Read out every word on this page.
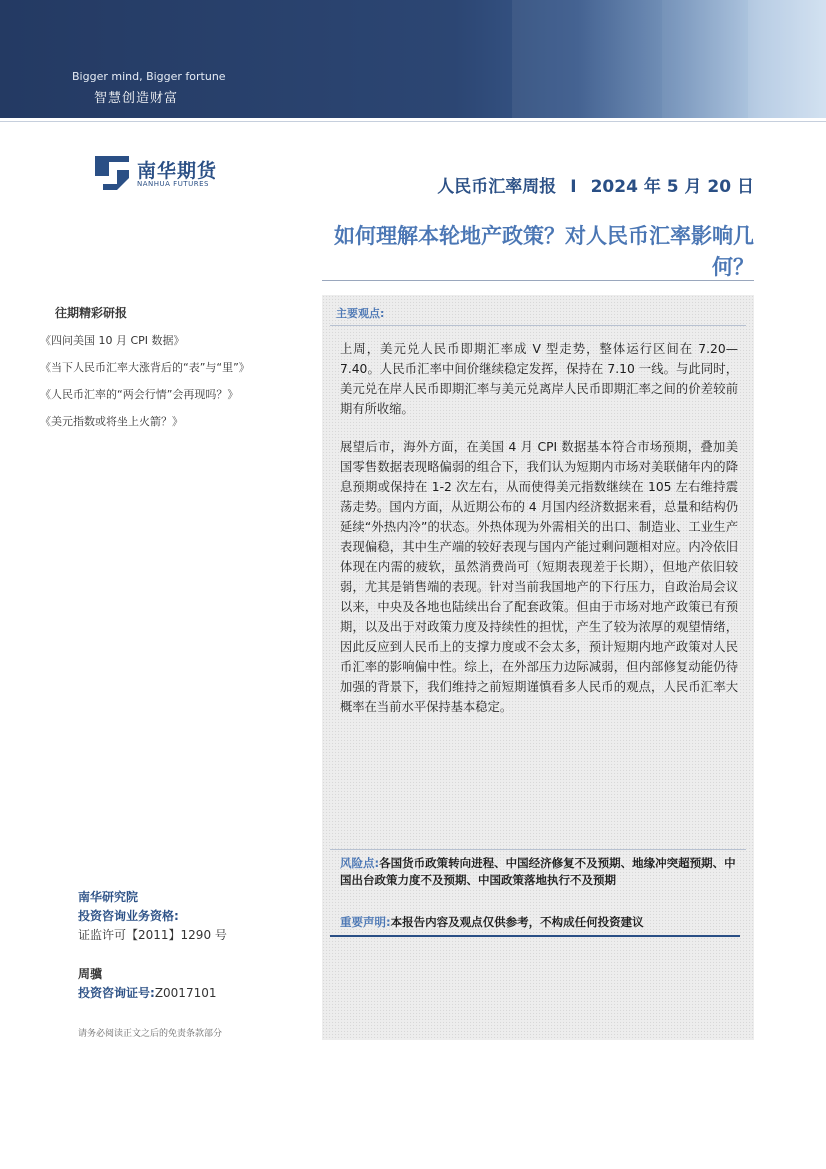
Bigger mind, Bigger fortune
智慧创造财富
南华期货
NANHUA FUTURES	人民币汇率周报 I 2024 年 5 月 20 日
如何理解本轮地产政策？对人民币汇率影响几何？
往期精彩研报
《四问美国 10 月 CPI 数据》
《当下人民币汇率大涨背后的“表”与“里”》
《人民币汇率的“两会行情”会再现吗？》
《美元指数或将坐上火箭？》
南华研究院
投资咨询业务资格:
证监许可【2011】1290 号
周骥
投资咨询证号:Z0017101
请务必阅读正文之后的免责条款部分
主要观点:
上周，美元兑人民币即期汇率成 V 型走势，整体运行区间在 7.20—7.40。人民币汇率中间价继续稳定发挥，保持在 7.10 一线。与此同时，美元兑在岸人民币即期汇率与美元兑离岸人民币即期汇率之间的价差较前期有所收缩。
展望后市，海外方面，在美国 4 月 CPI 数据基本符合市场预期，叠加美国零售数据表现略偏弱的组合下，我们认为短期内市场对美联储年内的降息预期或保持在 1-2 次左右，从而使得美元指数继续在 105 左右维持震荡走势。国内方面，从近期公布的 4 月国内经济数据来看，总量和结构仍延续“外热内冷”的状态。外热体现为外需相关的出口、制造业、工业生产表现偏稳，其中生产端的较好表现与国内产能过剩问题相对应。内冷依旧体现在内需的疲软，虽然消费尚可（短期表现差于长期），但地产依旧较弱，尤其是销售端的表现。针对当前我国地产的下行压力，自政治局会议以来，中央及各地也陆续出台了配套政策。但由于市场对地产政策已有预期，以及出于对政策力度及持续性的担忧，产生了较为浓厚的观望情绪，因此反应到人民币上的支撑力度或不会太多，预计短期内地产政策对人民币汇率的影响偏中性。综上，在外部压力边际减弱，但内部修复动能仍待加强的背景下，我们维持之前短期谨慎看多人民币的观点，人民币汇率大概率在当前水平保持基本稳定。
风险点:各国货币政策转向进程、中国经济修复不及预期、地缘冲突超预期、中国出台政策力度不及预期、中国政策落地执行不及预期
重要声明:本报告内容及观点仅供参考，不构成任何投资建议
